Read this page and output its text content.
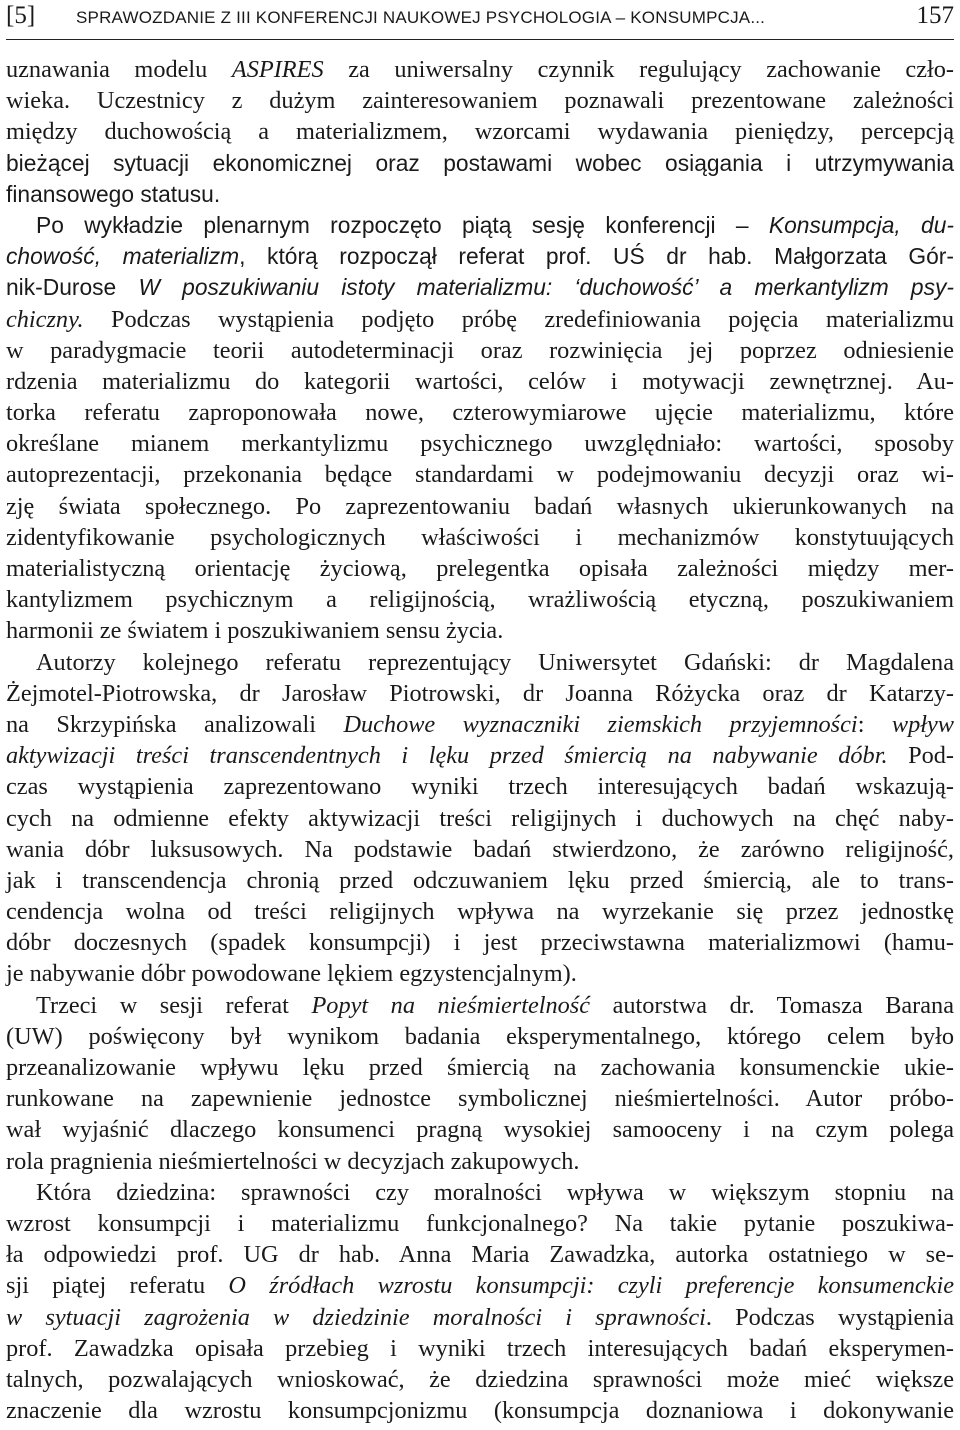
[5]	SPRAWOZDANIE Z III KONFERENCJI NAUKOWEJ PSYCHOLOGIA – KONSUMPCJA...	157
uznawania modelu ASPIRES za uniwersalny czynnik regulujący zachowanie czło-
wieka. Uczestnicy z dużym zainteresowaniem poznawali prezentowane zależności
między duchowością a materializmem, wzorcami wydawania pieniędzy, percepcją
bieżącej sytuacji ekonomicznej oraz postawami wobec osiągania i utrzymywania
finansowego statusu.
Po wykładzie plenarnym rozpoczęto piątą sesję konferencji – Konsumpcja, du-
chowość, materializm, którą rozpoczął referat prof. UŚ dr hab. Małgorzata Gór-
nik-Durose W poszukiwaniu istoty materializmu: ‘duchowość’ a merkantylizm psy-
chiczny. Podczas wystąpienia podjęto próbę zredefiniowania pojęcia materializmu
w paradygmacie teorii autodeterminacji oraz rozwinięcia jej poprzez odniesienie
rdzenia materializmu do kategorii wartości, celów i motywacji zewnętrznej. Au-
torka referatu zaproponowała nowe, czterowymiarowe ujęcie materializmu, które
określane mianem merkantylizmu psychicznego uwzględniało: wartości, sposoby
autoprezentacji, przekonania będące standardami w podejmowaniu decyzji oraz wi-
zję świata społecznego. Po zaprezentowaniu badań własnych ukierunkowanych na
zidentyfikowanie psychologicznych właściwości i mechanizmów konstytuujących
materialistyczną orientację życiową, prelegentka opisała zależności między mer-
kantylizmem psychicznym a religijnością, wrażliwością etyczną, poszukiwaniem
harmonii ze światem i poszukiwaniem sensu życia.
Autorzy kolejnego referatu reprezentujący Uniwersytet Gdański: dr Magdalena
Żejmotel-Piotrowska, dr Jarosław Piotrowski, dr Joanna Różycka oraz dr Katarzy-
na Skrzypińska analizowali Duchowe wyznaczniki ziemskich przyjemności: wpływ
aktywizacji treści transcendentnych i lęku przed śmiercią na nabywanie dóbr. Pod-
czas wystąpienia zaprezentowano wyniki trzech interesujących badań wskazują-
cych na odmienne efekty aktywizacji treści religijnych i duchowych na chęć naby-
wania dóbr luksusowych. Na podstawie badań stwierdzono, że zarówno religijność,
jak i transcendencja chronią przed odczuwaniem lęku przed śmiercią, ale to trans-
cendencja wolna od treści religijnych wpływa na wyrzekanie się przez jednostkę
dóbr doczesnych (spadek konsumpcji) i jest przeciwstawna materializmowi (hamu-
je nabywanie dóbr powodowane lękiem egzystencjalnym).
Trzeci w sesji referat Popyt na nieśmiertelność autorstwa dr. Tomasza Barana
(UW) poświęcony był wynikom badania eksperymentalnego, którego celem było
przeanalizowanie wpływu lęku przed śmiercią na zachowania konsumenckie ukie-
runkowane na zapewnienie jednostce symbolicznej nieśmiertelności. Autor próbo-
wał wyjaśnić dlaczego konsumenci pragną wysokiej samooceny i na czym polega
rola pragnienia nieśmiertelności w decyzjach zakupowych.
Która dziedzina: sprawności czy moralności wpływa w większym stopniu na
wzrost konsumpcji i materializmu funkcjonalnego? Na takie pytanie poszukiwa-
ła odpowiedzi prof. UG dr hab. Anna Maria Zawadzka, autorka ostatniego w se-
sji piątej referatu O źródłach wzrostu konsumpcji: czyli preferencje konsumenckie
w sytuacji zagrożenia w dziedzinie moralności i sprawności. Podczas wystąpienia
prof. Zawadzka opisała przebieg i wyniki trzech interesujących badań eksperymen-
talnych, pozwalających wnioskować, że dziedzina sprawności może mieć większe
znaczenie dla wzrostu konsumpcjonizmu (konsumpcja doznaniowa i dokonywanie
